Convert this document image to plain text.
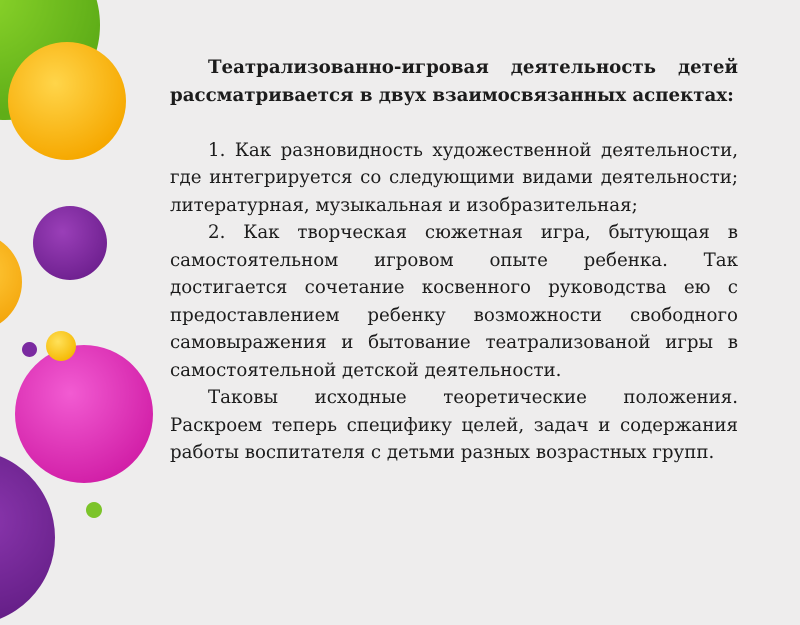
Театрализованно-игровая деятельность детей рассматривается в двух взаимосвязанных аспектах:

1. Как разновидность художественной деятельности, где интегрируется со следующими видами деятельности; литературная, музыкальная и изобразительная;

2. Как творческая сюжетная игра, бытующая в самостоятельном игровом опыте ребенка. Так достигается сочетание косвенного руководства ею с предоставлением ребенку возможности свободного самовыражения и бытование театрализованой игры в самостоятельной детской деятельности.

Таковы исходные теоретические положения. Раскроем теперь специфику целей, задач и содержания работы воспитателя с детьми разных возрастных групп.
